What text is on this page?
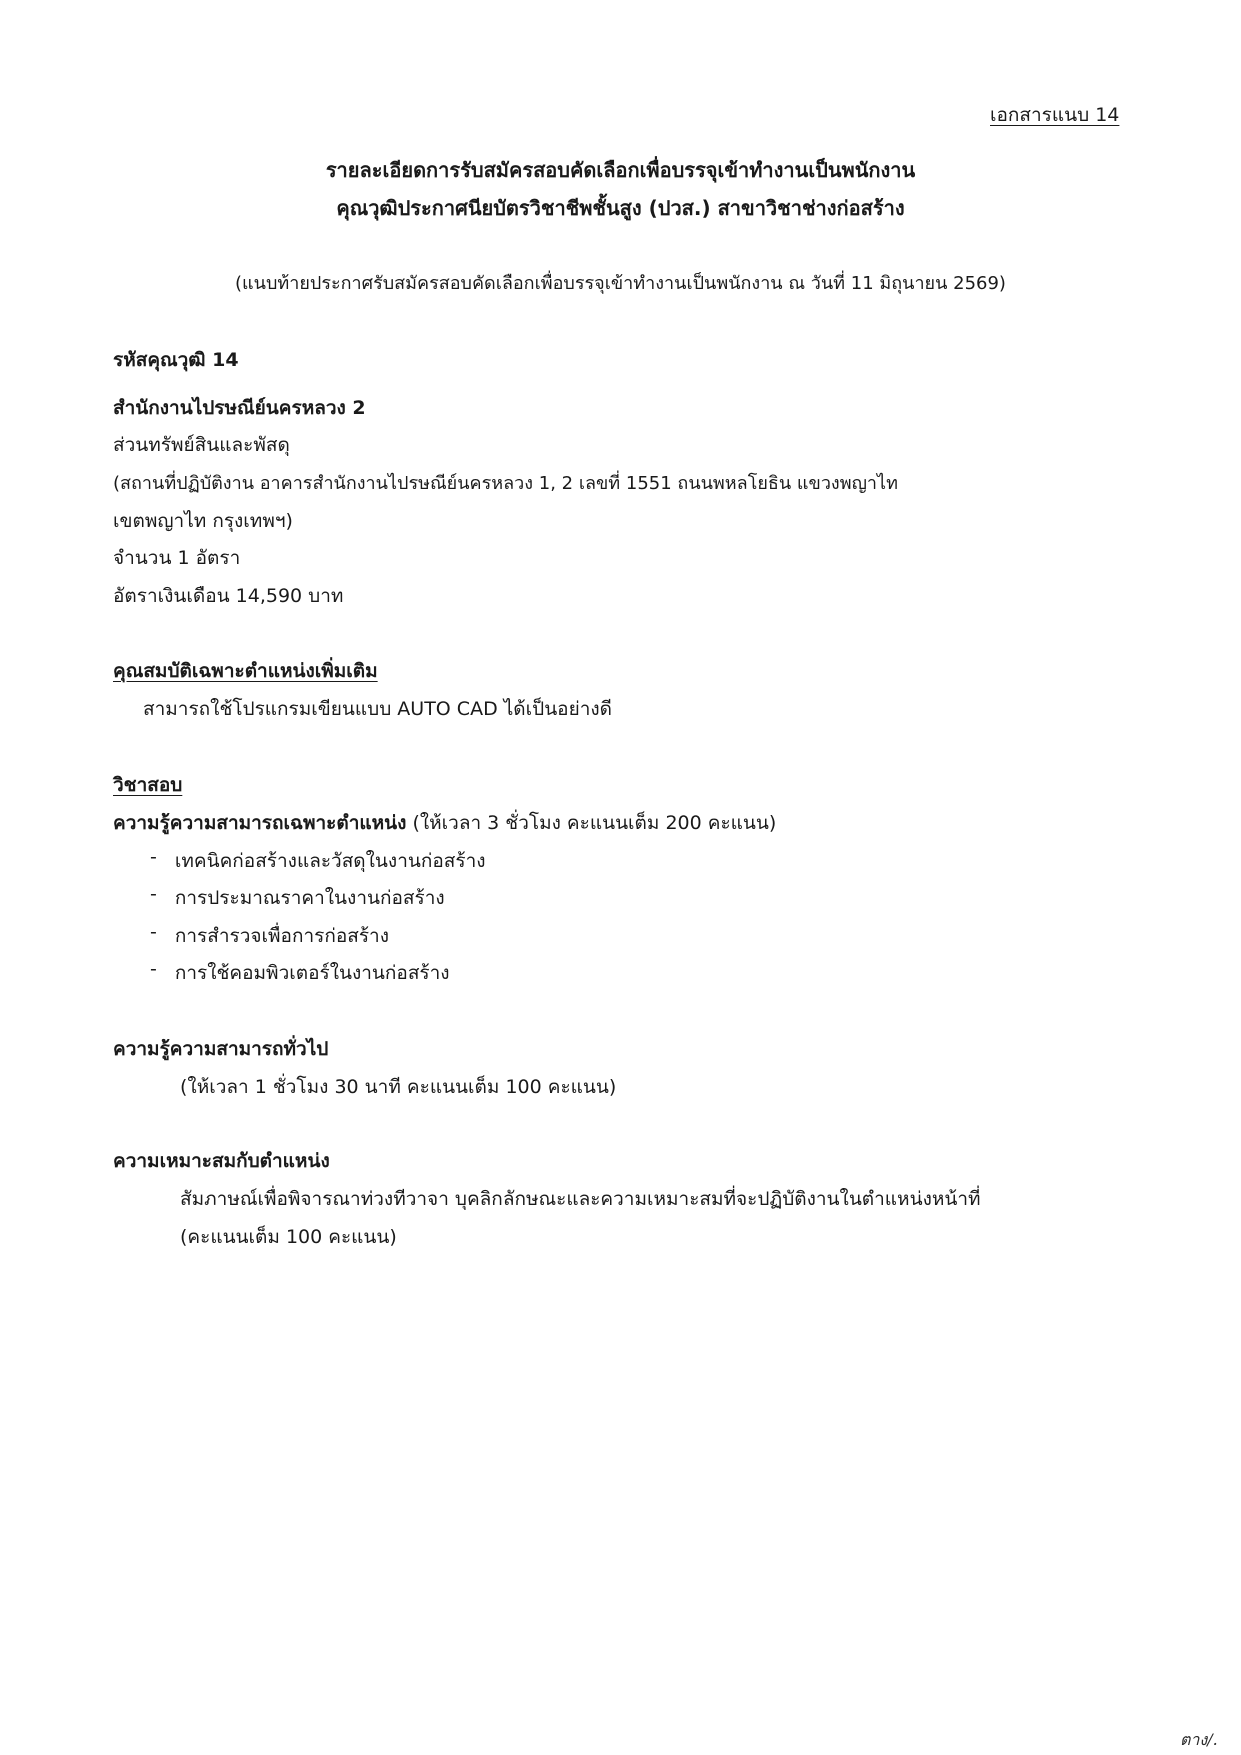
เอกสารแนบ 14
รายละเอียดการรับสมัครสอบคัดเลือกเพื่อบรรจุเข้าทำงานเป็นพนักงาน
คุณวุฒิประกาศนียบัตรวิชาชีพชั้นสูง (ปวส.) สาขาวิชาช่างก่อสร้าง
(แนบท้ายประกาศรับสมัครสอบคัดเลือกเพื่อบรรจุเข้าทำงานเป็นพนักงาน ณ วันที่ 11 มิถุนายน 2569)
รหัสคุณวุฒิ 14
สำนักงานไปรษณีย์นครหลวง 2
ส่วนทรัพย์สินและพัสดุ
(สถานที่ปฏิบัติงาน อาคารสำนักงานไปรษณีย์นครหลวง 1, 2 เลขที่ 1551 ถนนพหลโยธิน แขวงพญาไท
เขตพญาไท กรุงเทพฯ)
จำนวน 1 อัตรา
อัตราเงินเดือน 14,590 บาท
คุณสมบัติเฉพาะตำแหน่งเพิ่มเติม
สามารถใช้โปรแกรมเขียนแบบ AUTO CAD ได้เป็นอย่างดี
วิชาสอบ
ความรู้ความสามารถเฉพาะตำแหน่ง (ให้เวลา 3 ชั่วโมง คะแนนเต็ม 200 คะแนน)
- เทคนิคก่อสร้างและวัสดุในงานก่อสร้าง
- การประมาณราคาในงานก่อสร้าง
- การสำรวจเพื่อการก่อสร้าง
- การใช้คอมพิวเตอร์ในงานก่อสร้าง
ความรู้ความสามารถทั่วไป
(ให้เวลา 1 ชั่วโมง 30 นาที คะแนนเต็ม 100 คะแนน)
ความเหมาะสมกับตำแหน่ง
สัมภาษณ์เพื่อพิจารณาท่วงทีวาจา บุคลิกลักษณะและความเหมาะสมที่จะปฏิบัติงานในตำแหน่งหน้าที่
(คะแนนเต็ม 100 คะแนน)
ตาง/.
